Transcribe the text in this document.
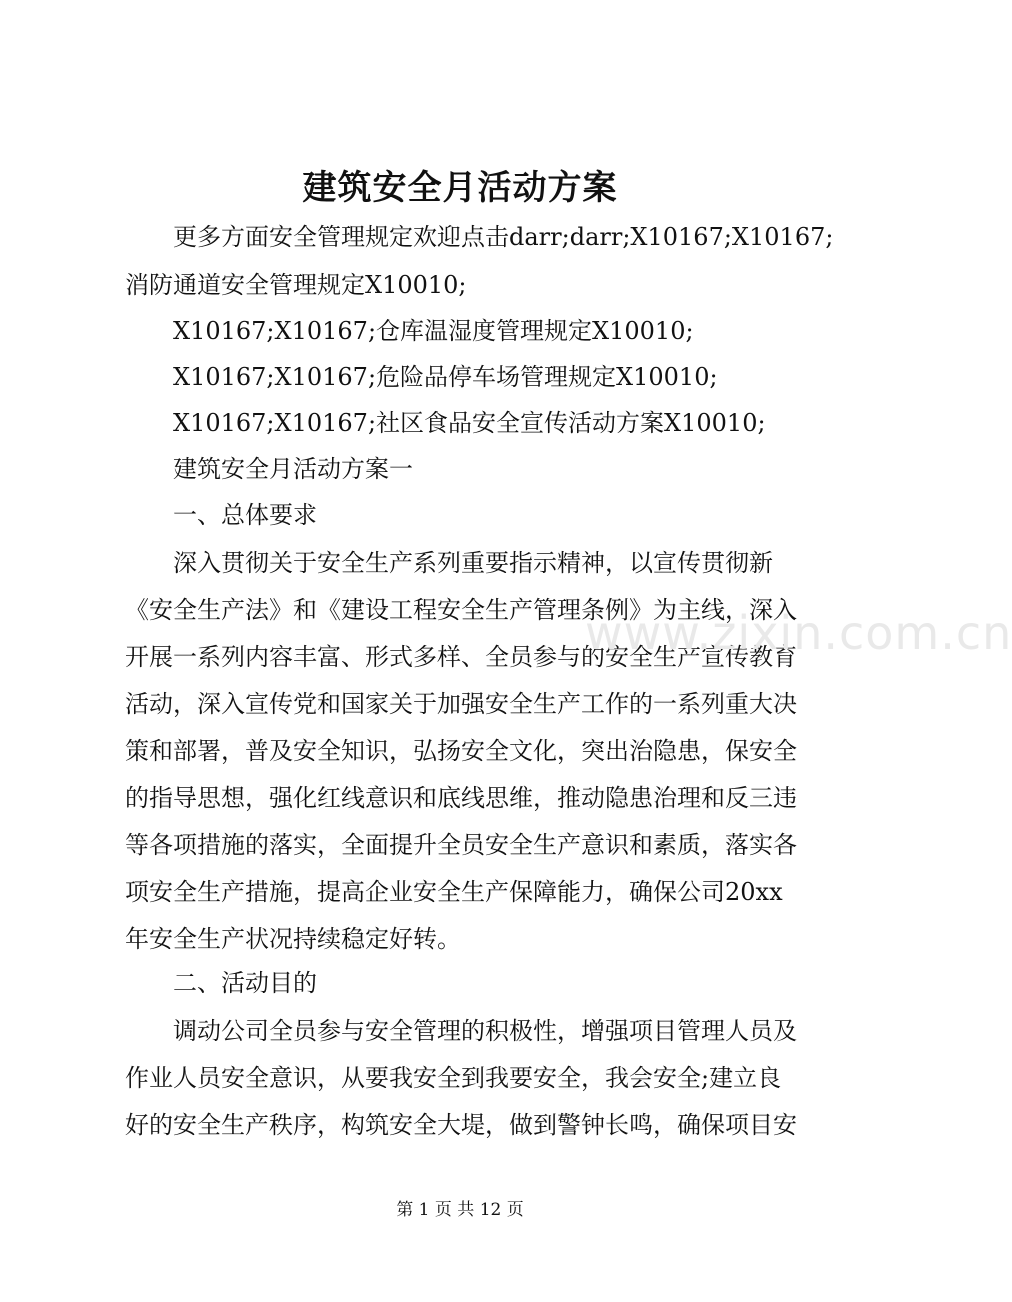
建筑安全月活动方案

更多方面安全管理规定欢迎点击darr;darr;X10167;X10167;

消防通道安全管理规定X10010;

X10167;X10167;仓库温湿度管理规定X10010;

X10167;X10167;危险品停车场管理规定X10010;

X10167;X10167;社区食品安全宣传活动方案X10010;

建筑安全月活动方案一

一、总体要求

深入贯彻关于安全生产系列重要指示精神，以宣传贯彻新

《安全生产法》和《建设工程安全生产管理条例》为主线，深入

开展一系列内容丰富、形式多样、全员参与的安全生产宣传教育

活动，深入宣传党和国家关于加强安全生产工作的一系列重大决

策和部署，普及安全知识，弘扬安全文化，突出治隐患，保安全

的指导思想，强化红线意识和底线思维，推动隐患治理和反三违

等各项措施的落实，全面提升全员安全生产意识和素质，落实各

项安全生产措施，提高企业安全生产保障能力，确保公司20xx

年安全生产状况持续稳定好转。

二、活动目的

调动公司全员参与安全管理的积极性，增强项目管理人员及

作业人员安全意识，从要我安全到我要安全，我会安全;建立良

好的安全生产秩序，构筑安全大堤，做到警钟长鸣，确保项目安

www.zixin.com.cn

第 1 页 共 12 页
